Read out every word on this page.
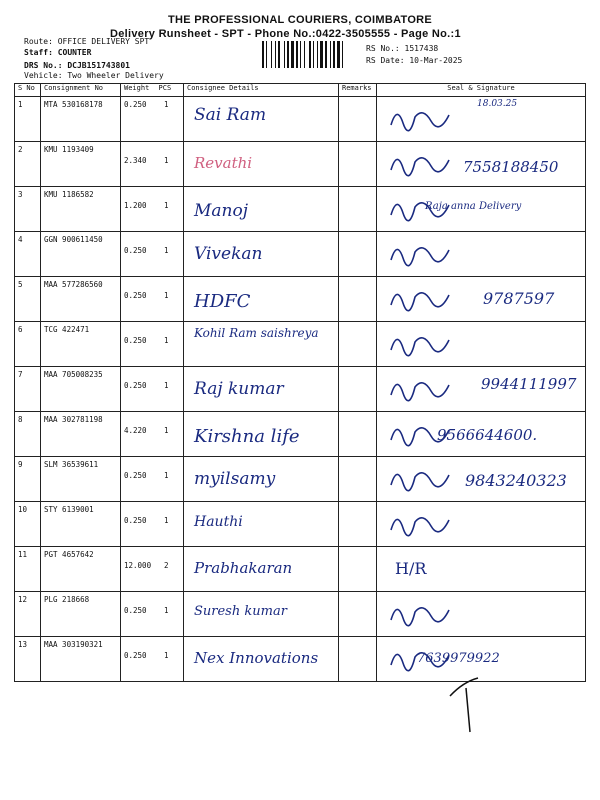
THE PROFESSIONAL COURIERS, COIMBATORE
Delivery Runsheet - SPT - Phone No.:0422-3505555 - Page No.:1
Route: OFFICE DELIVERY SPT
Staff: COUNTER
DRS No.: DCJB151743801
Vehicle: Two Wheeler Delivery
RS No.: 1517438
RS Date: 10-Mar-2025
S No	Consignment No	Weight PCS	Consignee Details	Remarks	Seal & Signature
1	MTA 530168178	0.250 1	Sai Ram		18.03.25

2	KMU 1193409	2.340 1	Revathi		7558188450

3	KMU 1186582	1.200 1	Manoj		Raja anna Delivery

4	GGN 900611450	0.250 1	Vivekan

5	MAA 577286560	0.250 1	HDFC		9787597

6	TCG 422471	0.250 1	Kohil Ram saishreya

7	MAA 705008235	0.250 1	Raj kumar		9944111997

8	MAA 302781198	4.220 1	Kirshna life		9566644600.

9	SLM 36539611	0.250 1	myilsamy		9843240323

10	STY 6139001	0.250 1	Hauthi

11	PGT 4657642	12.000 2	Prabhakaran		H/R

12	PLG 218668	0.250 1	Suresh kumar

13	MAA 303190321	0.250 1	Nex Innovations		7639979922
